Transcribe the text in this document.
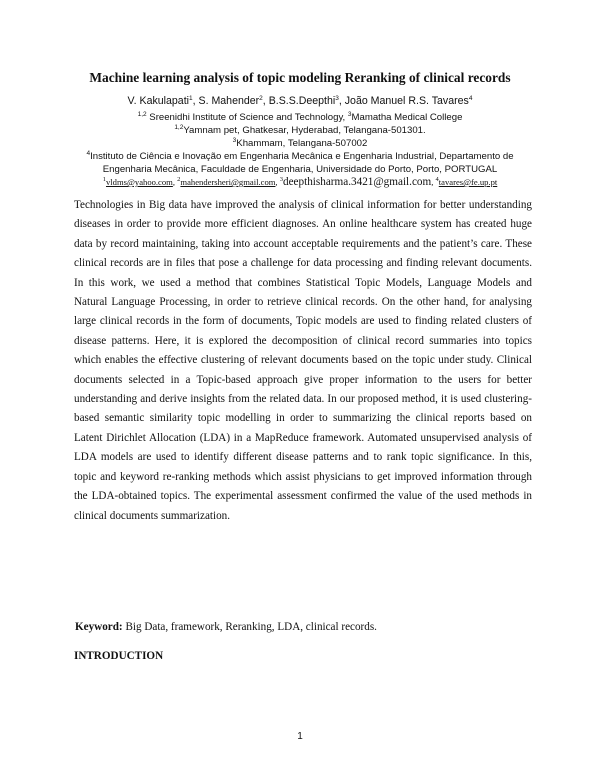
Machine learning analysis of topic modeling Reranking of clinical records
V. Kakulapati$^1$, S. Mahender$^2$, B.S.S.Deepthi$^3$, João Manuel R.S. Tavares$^4$
$^{1,2}$ Sreenidhi Institute of Science and Technology, $^3$Mamatha Medical College
$^{1,2}$Yamnam pet, Ghatkesar, Hyderabad, Telangana-501301.
$^3$Khammam, Telangana-507002
$^4$Instituto de Ciência e Inovação em Engenharia Mecânica e Engenharia Industrial, Departamento de
Engenharia Mecânica, Faculdade de Engenharia, Universidade do Porto, Porto, PORTUGAL
$^1$vldms@yahoo.com, $^2$mahendersheri@gmail.com, $^3$deepthisharma.3421@gmail.com, $^4$tavares@fe.up.pt

Technologies in Big data have improved the analysis of clinical information for better understanding diseases in order to provide more efficient diagnoses. An online healthcare system has created huge data by record maintaining, taking into account acceptable requirements and the patient’s care. These clinical records are in files that pose a challenge for data processing and finding relevant documents. In this work, we used a method that combines Statistical Topic Models, Language Models and Natural Language Processing, in order to retrieve clinical records. On the other hand, for analysing large clinical records in the form of documents, Topic models are used to finding related clusters of disease patterns. Here, it is explored the decomposition of clinical record summaries into topics which enables the effective clustering of relevant documents based on the topic under study. Clinical documents selected in a Topic-based approach give proper information to the users for better understanding and derive insights from the related data. In our proposed method, it is used clustering-based semantic similarity topic modelling in order to summarizing the clinical reports based on Latent Dirichlet Allocation (LDA) in a MapReduce framework. Automated unsupervised analysis of LDA models are used to identify different disease patterns and to rank topic significance. In this, topic and keyword re-ranking methods which assist physicians to get improved information through the LDA-obtained topics. The experimental assessment confirmed the value of the used methods in clinical documents summarization.

Keyword: Big Data, framework, Reranking, LDA, clinical records.

INTRODUCTION

1
